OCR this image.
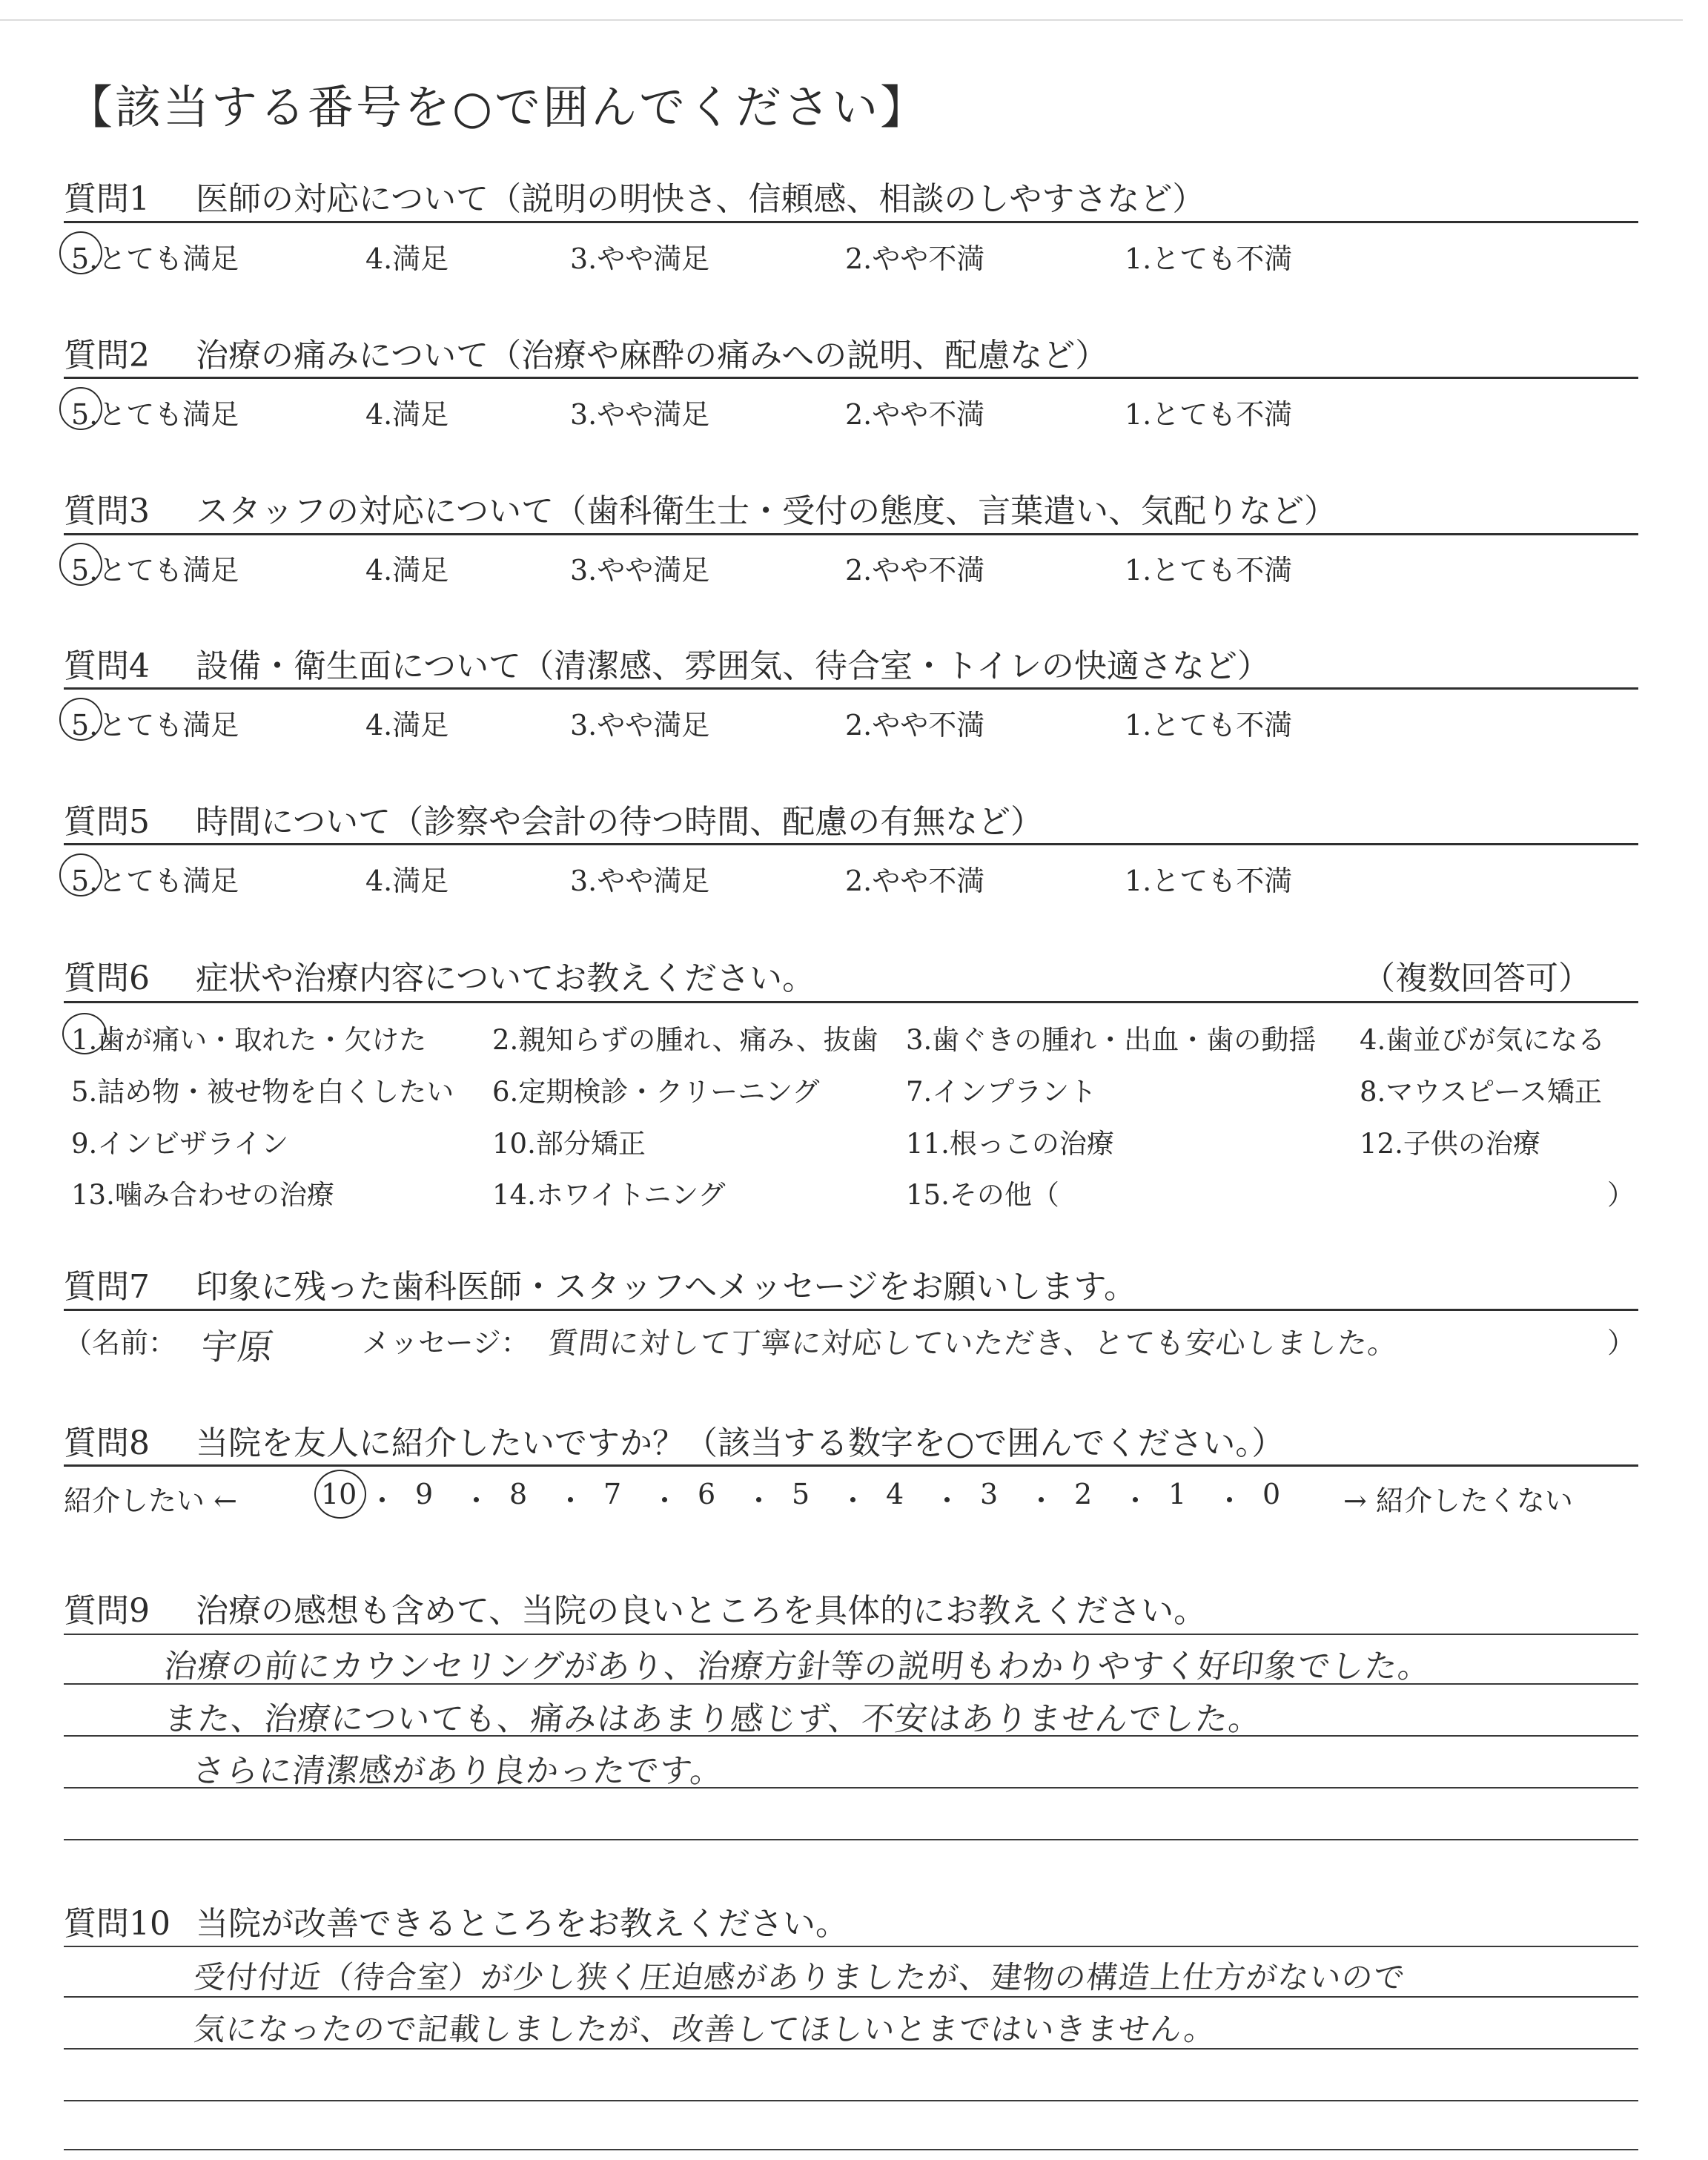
【該当する番号を○で囲んでください】
質問1 医師の対応について（説明の明快さ、信頼感、相談のしやすさなど）
5.とても満足	4.満足	3.やや満足	2.やや不満	1.とても不満
質問2 治療の痛みについて（治療や麻酔の痛みへの説明、配慮など）
5.とても満足	4.満足	3.やや満足	2.やや不満	1.とても不満
質問3 スタッフの対応について（歯科衛生士・受付の態度、言葉遣い、気配りなど）
5.とても満足	4.満足	3.やや満足	2.やや不満	1.とても不満
質問4 設備・衛生面について（清潔感、雰囲気、待合室・トイレの快適さなど）
5.とても満足	4.満足	3.やや満足	2.やや不満	1.とても不満
質問5 時間について（診察や会計の待つ時間、配慮の有無など）
5.とても満足	4.満足	3.やや満足	2.やや不満	1.とても不満
質問6 症状や治療内容についてお教えください。	（複数回答可）
1.歯が痛い・取れた・欠けた 2.親知らずの腫れ、痛み、抜歯 3.歯ぐきの腫れ・出血・歯の動揺 4.歯並びが気になる
5.詰め物・被せ物を白くしたい 6.定期検診・クリーニング	7.インプラント	8.マウスピース矯正
9.インビザライン	10.部分矯正	11.根っこの治療	12.子供の治療
13.噛み合わせの治療	14.ホワイトニング	15.その他（	）
質問7 印象に残った歯科医師・スタッフへメッセージをお願いします。
（名前： 宇原	メッセージ： 質問に対して丁寧に対応していただき、とても安心しました。	）
質問8 当院を友人に紹介したいですか？（該当する数字を○で囲んでください。）
紹介したい ←	10 ・ 9 ・ 8 ・ 7 ・ 6 ・ 5 ・ 4 ・ 3 ・ 2 ・ 1 ・ 0 → 紹介したくない
質問9 治療の感想も含めて、当院の良いところを具体的にお教えください。
治療の前にカウンセリングがあり、治療方針等の説明もわかりやすく好印象でした。
また、治療についても、痛みはあまり感じず、不安はありませんでした。
さらに清潔感があり良かったです。
質問10 当院が改善できるところをお教えください。
受付付近（待合室）が少し狭く圧迫感がありましたが、建物の構造上仕方がないので
気になったので記載しましたが、改善してほしいとまではいきません。
